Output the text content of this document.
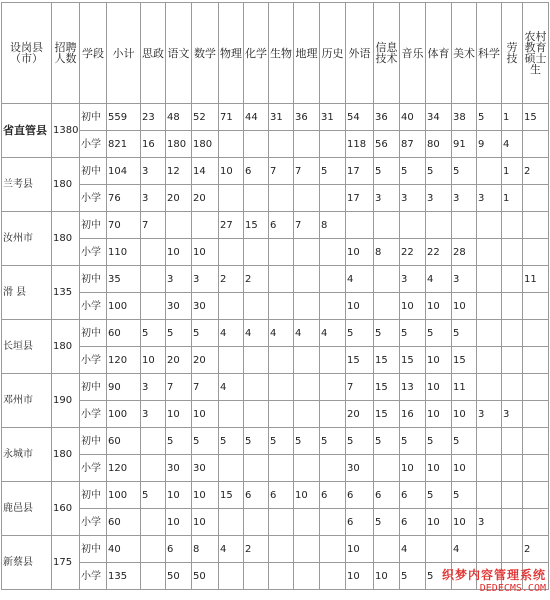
设岗县（市）	招聘人数	学段	小计	思政	语文	数学	物理	化学	生物	地理	历史	外语	信息技术	音乐	体育	美术	科学	劳技	农村教育硕士生
省直管县	1380	初中	559	23	48	52	71	44	31	36	31	54	36	40	34	38	5	1	15
		小学	821	16	180	180						118	56	87	80	91	9	4	
兰考县	180	初中	104	3	12	14	10	6	7	7	5	17	5	5	5	5		1	2
		小学	76	3	20	20						17	3	3	3	3	3	1	
汝州市	180	初中	70	7			27	15	6	7	8								
		小学	110		10	10						10	8	22	22	28			
滑 县	135	初中	35		3	3	2	2				4		3	4	3			11
		小学	100		30	30						10		10	10	10			
长垣县	180	初中	60	5	5	5	4	4	4	4	4	5	5	5	5	5			
		小学	120	10	20	20						15	15	15	10	15			
邓州市	190	初中	90	3	7	7	4					7	15	13	10	11			
		小学	100	3	10	10						20	15	16	10	10	3	3	
永城市	180	初中	60		5	5	5	5	5	5	5	5	5	5	5	5			
		小学	120		30	30						30		10	10	10			
鹿邑县	160	初中	100	5	10	10	15	6	6	10	6	6	6	6	5	5			
		小学	60		10	10						6	5	6	10	10	3		
新蔡县	175	初中	40		6	8	4	2				10		4		4			2
		小学	135		50	50						10	10	5	5				织梦内容管理系统
DEDECMS.COM
